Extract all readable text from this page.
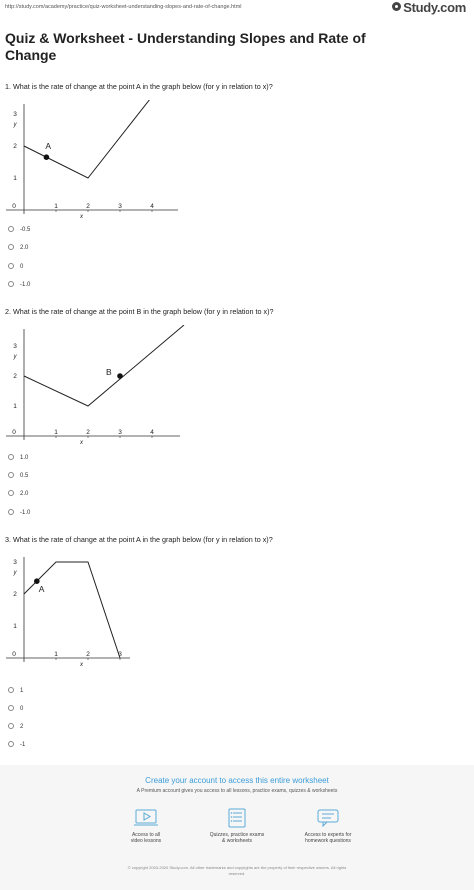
http://study.com/academy/practice/quiz-worksheet-understanding-slopes-and-rate-of-change.html	Study.com
Quiz & Worksheet - Understanding Slopes and Rate of Change
1. What is the rate of change at the point A in the graph below (for y in relation to x)?
0	1	2	3	4
1
2
3
x
y
A
-0.5
2.0
0
-1.0
2. What is the rate of change at the point B in the graph below (for y in relation to x)?
0	1	2	3	4
1
2
3
x
y
B
1.0
0.5
2.0
-1.0
3. What is the rate of change at the point A in the graph below (for y in relation to x)?
0	1	2	3
1
2
3
x
y
A
1
0
2
-1
Create your account to access this entire worksheet
A Premium account gives you access to all lessons, practice exams, quizzes & worksheets
Access to all
video lessons
Quizzes, practice exams
& worksheets
Access to experts for
homework questions
© copyright 2003-2020 Study.com. All other trademarks and copyrights are the property of their respective owners. All rights
reserved.
